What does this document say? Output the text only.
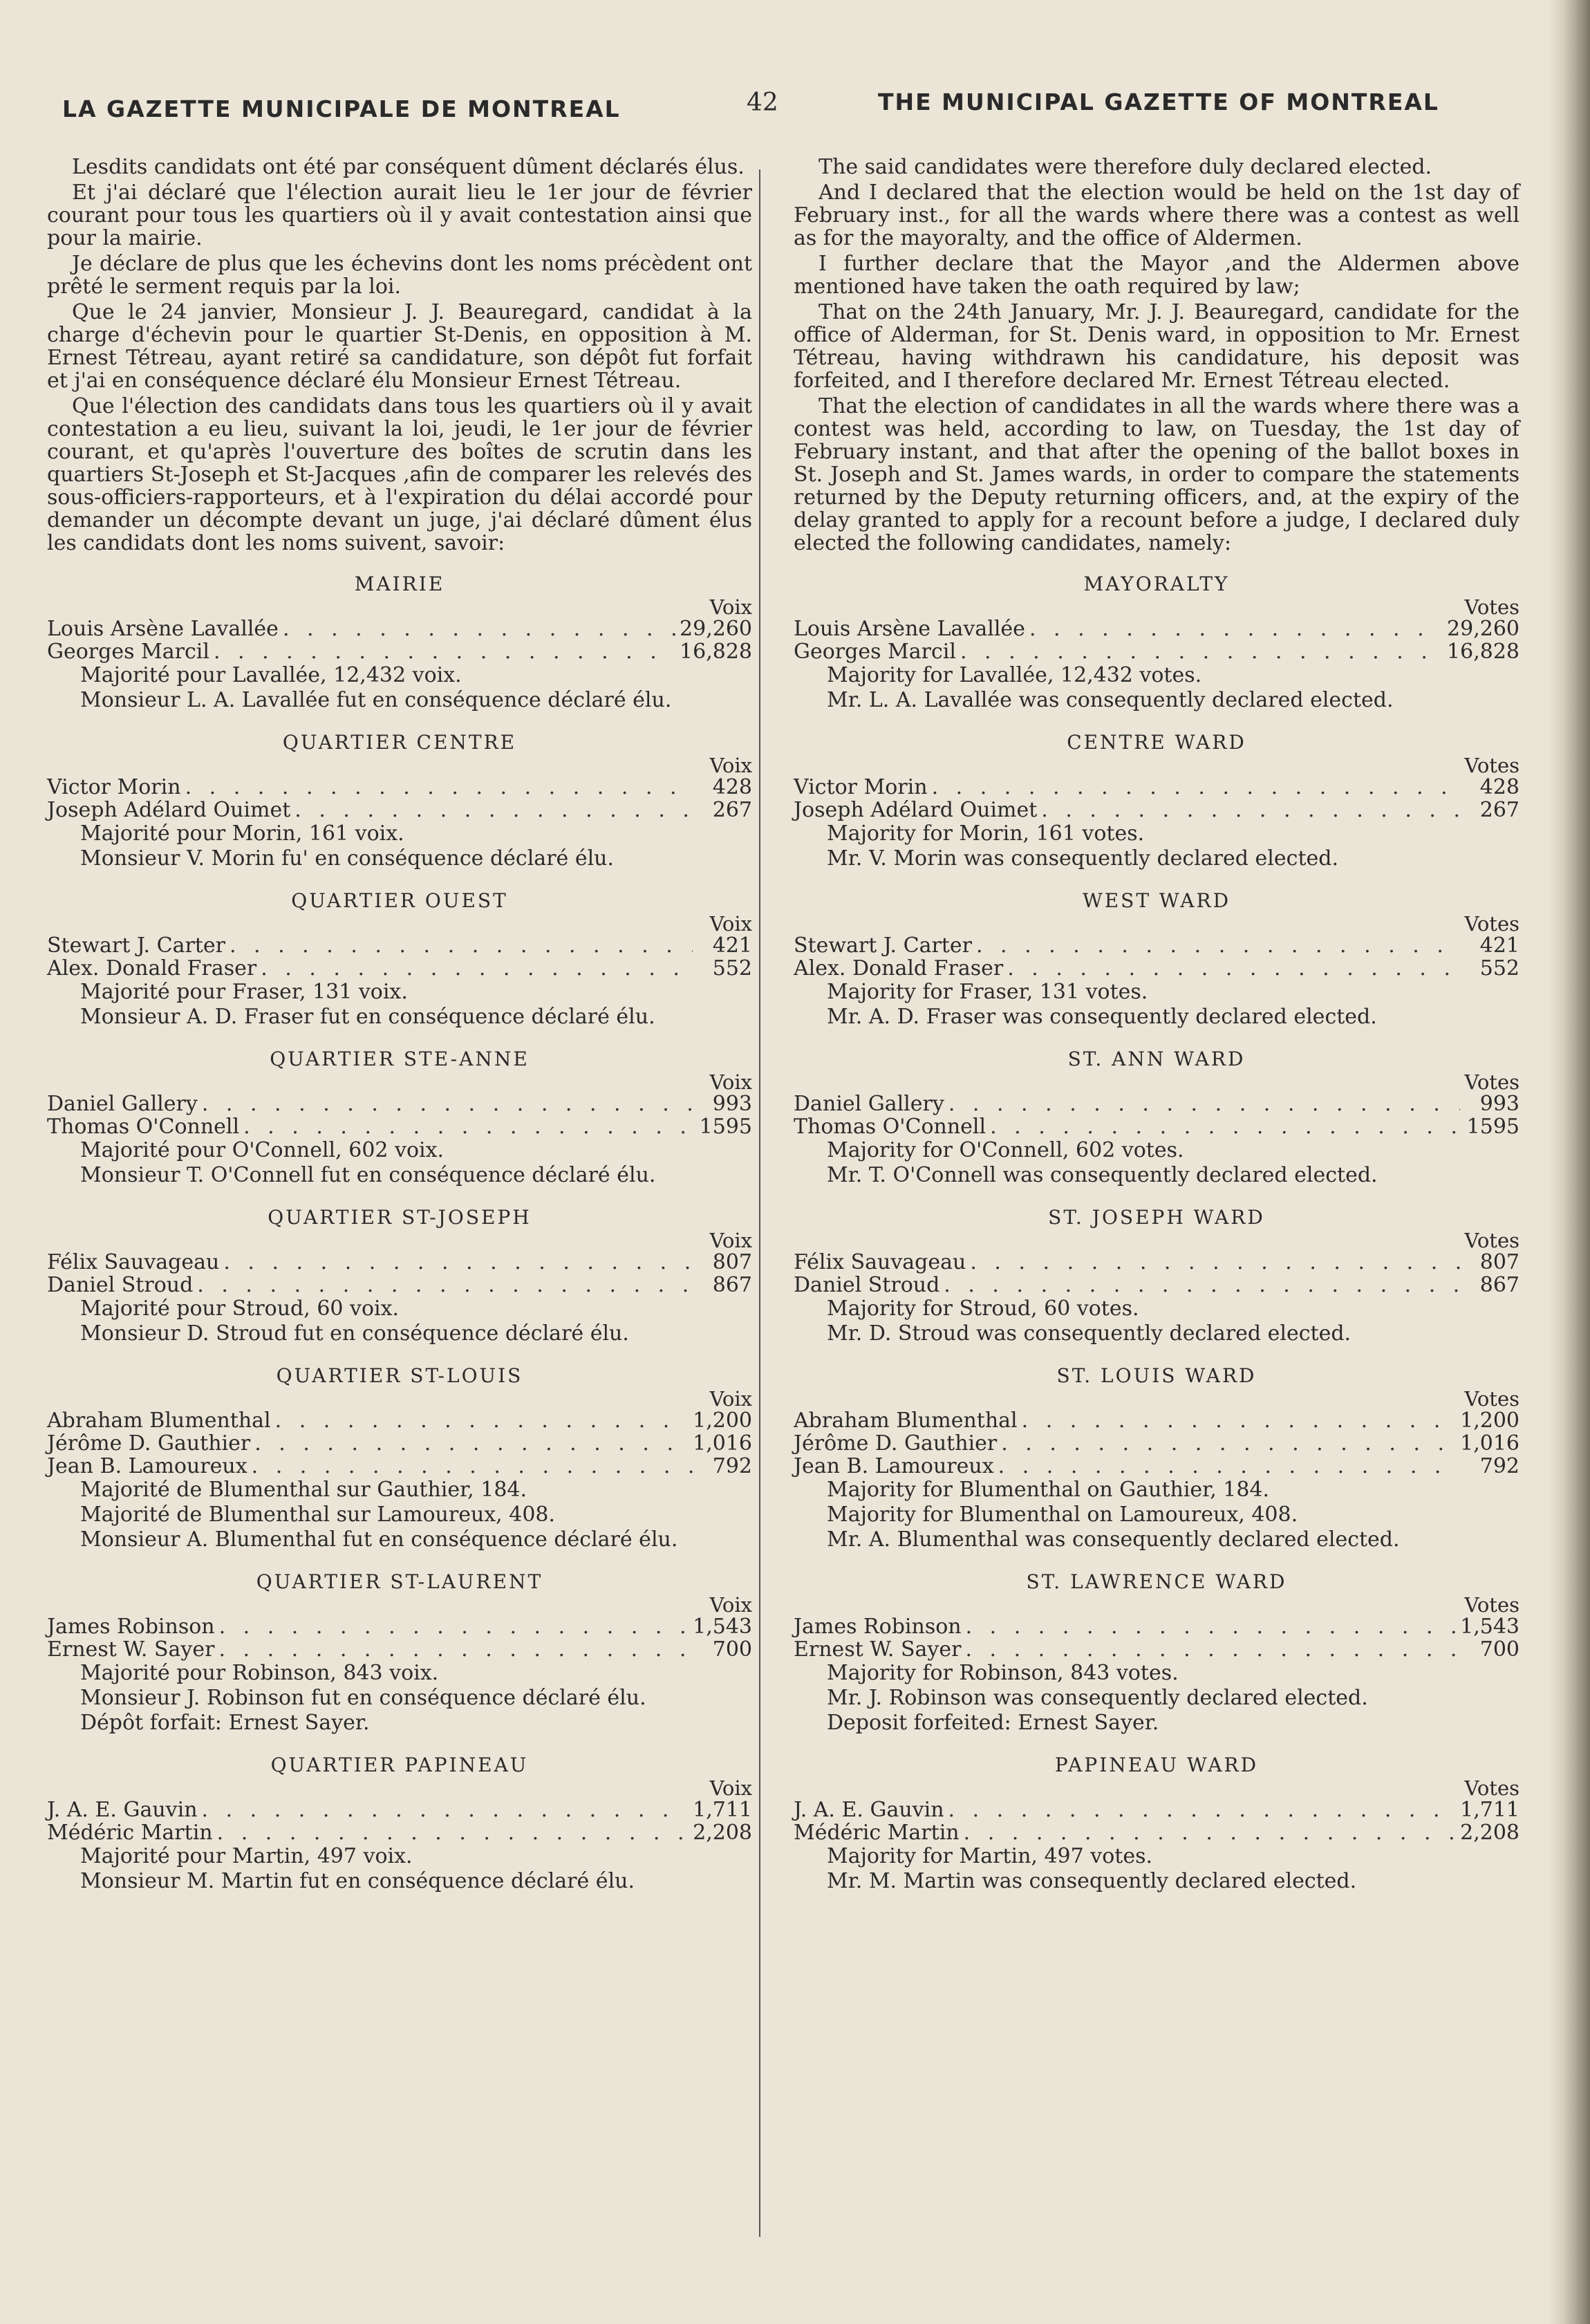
LA GAZETTE MUNICIPALE DE MONTREAL	42	THE MUNICIPAL GAZETTE OF MONTREAL

Lesdits candidats ont été par conséquent dûment déclarés élus.

Et j'ai déclaré que l'élection aurait lieu le 1er jour de février courant pour tous les quartiers où il y avait contestation ainsi que pour la mairie.

Je déclare de plus que les échevins dont les noms précèdent ont prêté le serment requis par la loi.

Que le 24 janvier, Monsieur J. J. Beauregard, candidat à la charge d'échevin pour le quartier St-Denis, en opposition à M. Ernest Tétreau, ayant retiré sa candidature, son dépôt fut forfait et j'ai en conséquence déclaré élu Monsieur Ernest Tétreau.

Que l'élection des candidats dans tous les quartiers où il y avait contestation a eu lieu, suivant la loi, jeudi, le 1er jour de février courant, et qu'après l'ouverture des boîtes de scrutin dans les quartiers St-Joseph et St-Jacques ,afin de comparer les relevés des sous-officiers-rapporteurs, et à l'expiration du délai accordé pour demander un décompte devant un juge, j'ai déclaré dûment élus les candidats dont les noms suivent, savoir:

MAIRIE

Voix

Louis Arsène Lavallée . . .	29,260
Georges Marcil . . .	16,828

Majorité pour Lavallée, 12,432 voix.

Monsieur L. A. Lavallée fut en conséquence déclaré élu.

QUARTIER CENTRE

Voix

Victor Morin . . .	428
Joseph Adélard Ouimet . . .	267

Majorité pour Morin, 161 voix.

Monsieur V. Morin fu' en conséquence déclaré élu.

QUARTIER OUEST

Voix

Stewart J. Carter . . .	421
Alex. Donald Fraser . . .	552

Majorité pour Fraser, 131 voix.

Monsieur A. D. Fraser fut en conséquence déclaré élu.

QUARTIER STE-ANNE

Voix

Daniel Gallery . . .	993
Thomas O'Connell . . .	1595

Majorité pour O'Connell, 602 voix.

Monsieur T. O'Connell fut en conséquence déclaré élu.

QUARTIER ST-JOSEPH

Voix

Félix Sauvageau . . .	807
Daniel Stroud . . .	867

Majorité pour Stroud, 60 voix.

Monsieur D. Stroud fut en conséquence déclaré élu.

QUARTIER ST-LOUIS

Voix

Abraham Blumenthal . . .	1,200
Jérôme D. Gauthier . . .	1,016
Jean B. Lamoureux . . .	792

Majorité de Blumenthal sur Gauthier, 184.

Majorité de Blumenthal sur Lamoureux, 408.

Monsieur A. Blumenthal fut en conséquence déclaré élu.

QUARTIER ST-LAURENT

Voix

James Robinson . . .	1,543
Ernest W. Sayer . . .	700

Majorité pour Robinson, 843 voix.

Monsieur J. Robinson fut en conséquence déclaré élu.

Dépôt forfait: Ernest Sayer.

QUARTIER PAPINEAU

Voix

J. A. E. Gauvin . . .	1,711
Médéric Martin . . .	2,208

Majorité pour Martin, 497 voix.

Monsieur M. Martin fut en conséquence déclaré élu.

The said candidates were therefore duly declared elected.

And I declared that the election would be held on the 1st day of February inst., for all the wards where there was a contest as well as for the mayoralty, and the office of Aldermen.

I further declare that the Mayor ,and the Aldermen above mentioned have taken the oath required by law;

That on the 24th January, Mr. J. J. Beauregard, candidate for the office of Alderman, for St. Denis ward, in opposition to Mr. Ernest Tétreau, having withdrawn his candidature, his deposit was forfeited, and I therefore declared Mr. Ernest Tétreau elected.

That the election of candidates in all the wards where there was a contest was held, according to law, on Tuesday, the 1st day of February instant, and that after the opening of the ballot boxes in St. Joseph and St. James wards, in order to compare the statements returned by the Deputy returning officers, and, at the expiry of the delay granted to apply for a recount before a judge, I declared duly elected the following candidates, namely:

MAYORALTY

Votes

Louis Arsène Lavallée . . .	29,260
Georges Marcil . . .	16,828

Majority for Lavallée, 12,432 votes.

Mr. L. A. Lavallée was consequently declared elected.

CENTRE WARD

Votes

Victor Morin . . .	428
Joseph Adélard Ouimet . . .	267

Majority for Morin, 161 votes.

Mr. V. Morin was consequently declared elected.

WEST WARD

Votes

Stewart J. Carter . . .	421
Alex. Donald Fraser . . .	552

Majority for Fraser, 131 votes.

Mr. A. D. Fraser was consequently declared elected.

ST. ANN WARD

Votes

Daniel Gallery . . .	993
Thomas O'Connell . . .	1595

Majority for O'Connell, 602 votes.

Mr. T. O'Connell was consequently declared elected.

ST. JOSEPH WARD

Votes

Félix Sauvageau . . .	807
Daniel Stroud . . .	867

Majority for Stroud, 60 votes.

Mr. D. Stroud was consequently declared elected.

ST. LOUIS WARD

Votes

Abraham Blumenthal . . .	1,200
Jérôme D. Gauthier . . .	1,016
Jean B. Lamoureux . . .	792

Majority for Blumenthal on Gauthier, 184.

Majority for Blumenthal on Lamoureux, 408.

Mr. A. Blumenthal was consequently declared elected.

ST. LAWRENCE WARD

Votes

James Robinson . . .	1,543
Ernest W. Sayer . . .	700

Majority for Robinson, 843 votes.

Mr. J. Robinson was consequently declared elected.

Deposit forfeited: Ernest Sayer.

PAPINEAU WARD

Votes

J. A. E. Gauvin . . .	1,711
Médéric Martin . . .	2,208

Majority for Martin, 497 votes.

Mr. M. Martin was consequently declared elected.
